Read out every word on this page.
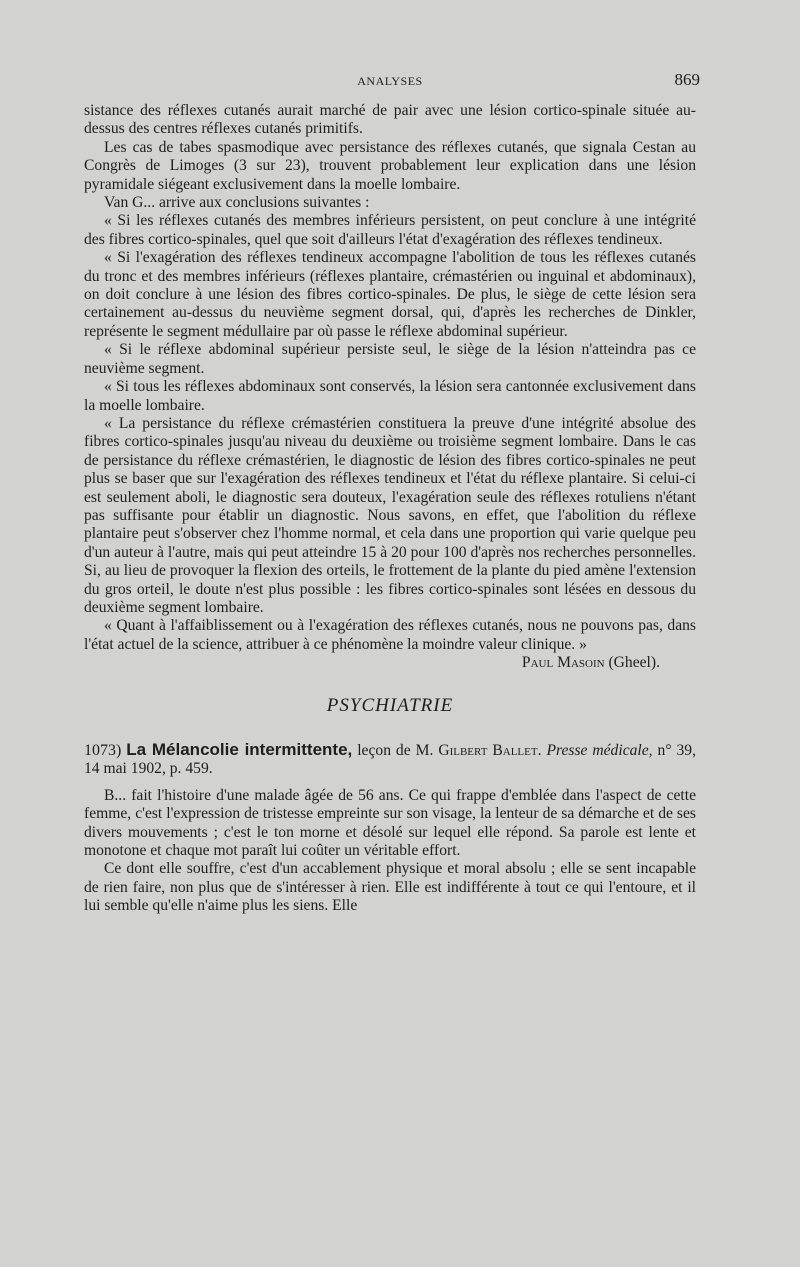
ANALYSES	869

sistance des réflexes cutanés aurait marché de pair avec une lésion cortico-spinale située au-dessus des centres réflexes cutanés primitifs.

Les cas de tabes spasmodique avec persistance des réflexes cutanés, que signala Cestan au Congrès de Limoges (3 sur 23), trouvent probablement leur explication dans une lésion pyramidale siégeant exclusivement dans la moelle lombaire.

Van G... arrive aux conclusions suivantes :

« Si les réflexes cutanés des membres inférieurs persistent, on peut conclure à une intégrité des fibres cortico-spinales, quel que soit d'ailleurs l'état d'exagération des réflexes tendineux.

« Si l'exagération des réflexes tendineux accompagne l'abolition de tous les réflexes cutanés du tronc et des membres inférieurs (réflexes plantaire, crémastérien ou inguinal et abdominaux), on doit conclure à une lésion des fibres cortico-spinales. De plus, le siège de cette lésion sera certainement au-dessus du neuvième segment dorsal, qui, d'après les recherches de Dinkler, représente le segment médullaire par où passe le réflexe abdominal supérieur.

« Si le réflexe abdominal supérieur persiste seul, le siège de la lésion n'atteindra pas ce neuvième segment.

« Si tous les réflexes abdominaux sont conservés, la lésion sera cantonnée exclusivement dans la moelle lombaire.

« La persistance du réflexe crémastérien constituera la preuve d'une intégrité absolue des fibres cortico-spinales jusqu'au niveau du deuxième ou troisième segment lombaire. Dans le cas de persistance du réflexe crémastérien, le diagnostic de lésion des fibres cortico-spinales ne peut plus se baser que sur l'exagération des réflexes tendineux et l'état du réflexe plantaire. Si celui-ci est seulement aboli, le diagnostic sera douteux, l'exagération seule des réflexes rotuliens n'étant pas suffisante pour établir un diagnostic. Nous savons, en effet, que l'abolition du réflexe plantaire peut s'observer chez l'homme normal, et cela dans une proportion qui varie quelque peu d'un auteur à l'autre, mais qui peut atteindre 15 à 20 pour 100 d'après nos recherches personnelles. Si, au lieu de provoquer la flexion des orteils, le frottement de la plante du pied amène l'extension du gros orteil, le doute n'est plus possible : les fibres cortico-spinales sont lésées en dessous du deuxième segment lombaire.

« Quant à l'affaiblissement ou à l'exagération des réflexes cutanés, nous ne pouvons pas, dans l'état actuel de la science, attribuer à ce phénomène la moindre valeur clinique. »

Paul Masoin (Gheel).
PSYCHIATRIE

1073) La Mélancolie intermittente, leçon de M. Gilbert Ballet. Presse médicale, n° 39, 14 mai 1902, p. 459.

B... fait l'histoire d'une malade âgée de 56 ans. Ce qui frappe d'emblée dans l'aspect de cette femme, c'est l'expression de tristesse empreinte sur son visage, la lenteur de sa démarche et de ses divers mouvements ; c'est le ton morne et désolé sur lequel elle répond. Sa parole est lente et monotone et chaque mot paraît lui coûter un véritable effort.

Ce dont elle souffre, c'est d'un accablement physique et moral absolu ; elle se sent incapable de rien faire, non plus que de s'intéresser à rien. Elle est indifférente à tout ce qui l'entoure, et il lui semble qu'elle n'aime plus les siens. Elle
